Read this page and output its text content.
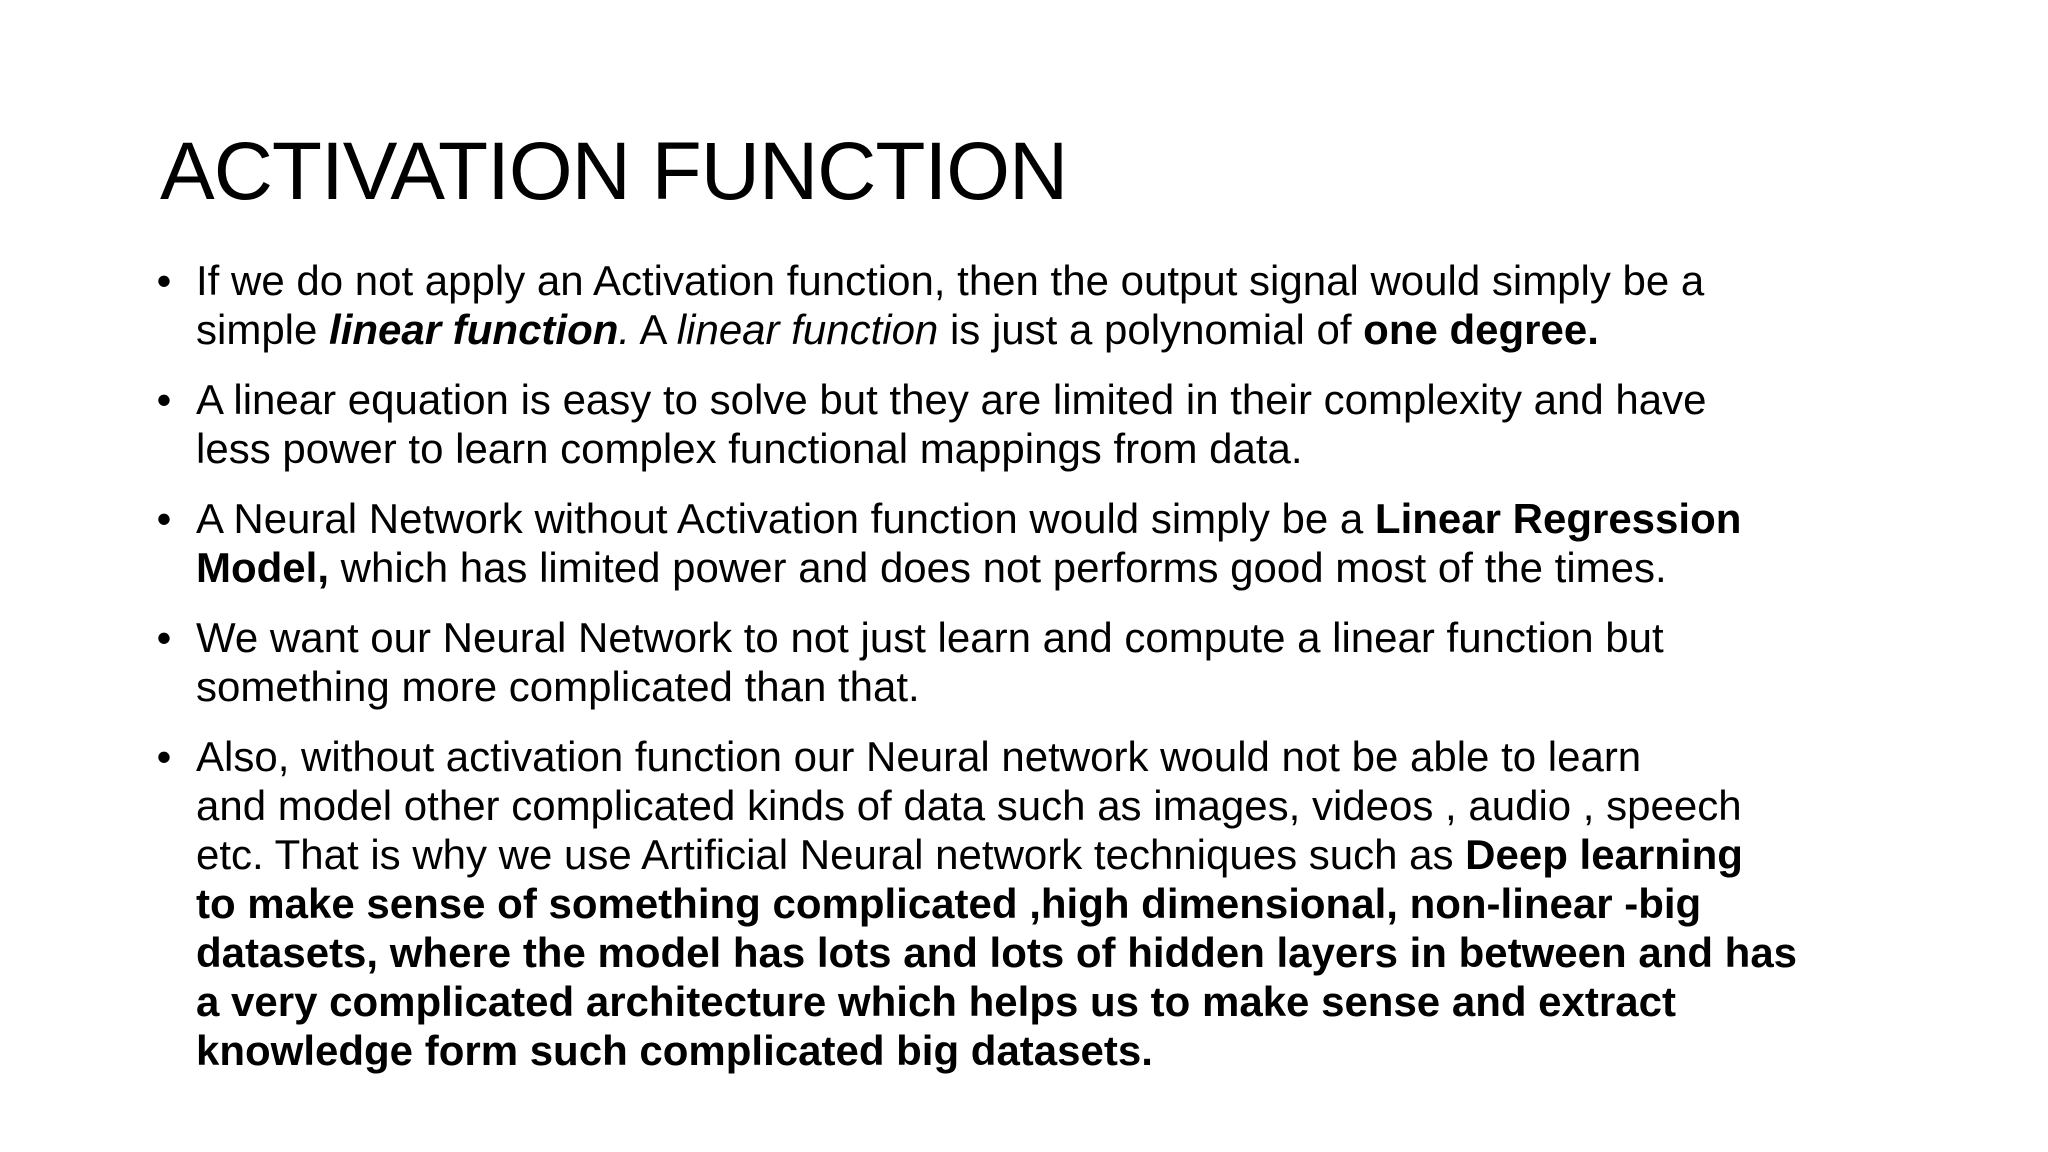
ACTIVATION FUNCTION
• If we do not apply an Activation function, then the output signal would simply be a
simple linear function. A linear function is just a polynomial of one degree.
• A linear equation is easy to solve but they are limited in their complexity and have
less power to learn complex functional mappings from data.
• A Neural Network without Activation function would simply be a Linear Regression
Model, which has limited power and does not performs good most of the times.
• We want our Neural Network to not just learn and compute a linear function but
something more complicated than that.
• Also, without activation function our Neural network would not be able to learn
and model other complicated kinds of data such as images, videos , audio , speech
etc. That is why we use Artificial Neural network techniques such as Deep learning
to make sense of something complicated ,high dimensional, non-linear -big
datasets, where the model has lots and lots of hidden layers in between and has
a very complicated architecture which helps us to make sense and extract
knowledge form such complicated big datasets.
